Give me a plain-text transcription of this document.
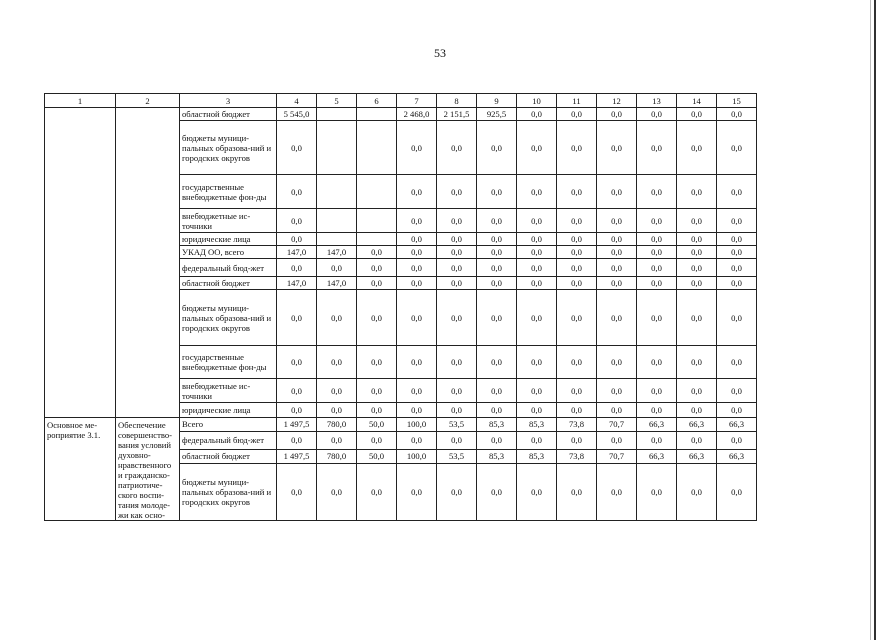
53
1	2	3	4	5	6	7	8	9	10	11	12	13	14	15
		областной бюджет	5 545,0			2 468,0	2 151,5	925,5	0,0	0,0	0,0	0,0	0,0	0,0
		бюджеты муници-пальных образова-ний и городских округов	0,0			0,0	0,0	0,0	0,0	0,0	0,0	0,0	0,0	0,0
		государственные внебюджетные фон-ды	0,0			0,0	0,0	0,0	0,0	0,0	0,0	0,0	0,0	0,0
		внебюджетные ис-точники	0,0			0,0	0,0	0,0	0,0	0,0	0,0	0,0	0,0	0,0
		юридические лица	0,0			0,0	0,0	0,0	0,0	0,0	0,0	0,0	0,0	0,0
		УКАД ОО, всего	147,0	147,0	0,0	0,0	0,0	0,0	0,0	0,0	0,0	0,0	0,0	0,0
		федеральный бюд-жет	0,0	0,0	0,0	0,0	0,0	0,0	0,0	0,0	0,0	0,0	0,0	0,0
		областной бюджет	147,0	147,0	0,0	0,0	0,0	0,0	0,0	0,0	0,0	0,0	0,0	0,0
		бюджеты муници-пальных образова-ний и городских округов	0,0	0,0	0,0	0,0	0,0	0,0	0,0	0,0	0,0	0,0	0,0	0,0
		государственные внебюджетные фон-ды	0,0	0,0	0,0	0,0	0,0	0,0	0,0	0,0	0,0	0,0	0,0	0,0
		внебюджетные ис-точники	0,0	0,0	0,0	0,0	0,0	0,0	0,0	0,0	0,0	0,0	0,0	0,0
		юридические лица	0,0	0,0	0,0	0,0	0,0	0,0	0,0	0,0	0,0	0,0	0,0	0,0
Основное ме-роприятие 3.1.	Обеспечение совершенство-вания условий духовно-нравственного и гражданско-патриотиче-ского воспи-тания молоде-жи как осно-	Всего	1 497,5	780,0	50,0	100,0	53,5	85,3	85,3	73,8	70,7	66,3	66,3	66,3
		федеральный бюд-жет	0,0	0,0	0,0	0,0	0,0	0,0	0,0	0,0	0,0	0,0	0,0	0,0
		областной бюджет	1 497,5	780,0	50,0	100,0	53,5	85,3	85,3	73,8	70,7	66,3	66,3	66,3
		бюджеты муници-пальных образова-ний и городских округов	0,0	0,0	0,0	0,0	0,0	0,0	0,0	0,0	0,0	0,0	0,0	0,0
